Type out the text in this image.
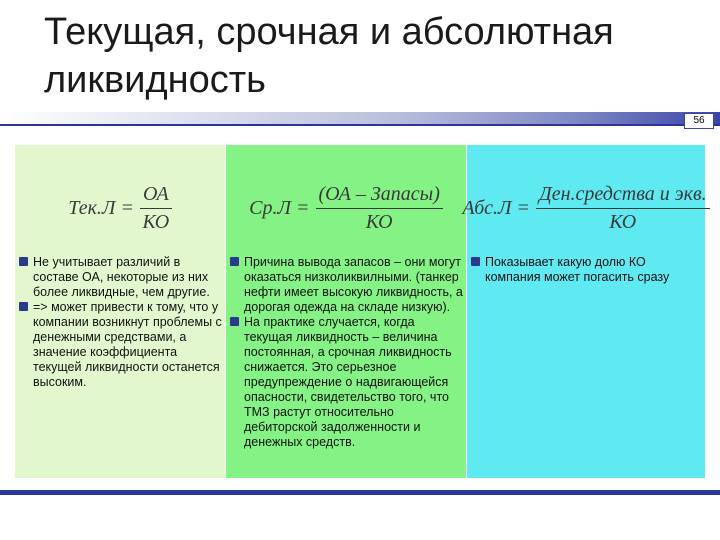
Текущая, срочная и абсолютная ликвидность
56
$Тек.Л = \frac{ОА}{КО}$
Не учитывает различий в составе ОА, некоторые из них более ликвидные, чем другие.
=> может привести к тому, что у компании возникнут проблемы с денежными средствами, а значение коэффициента текущей ликвидности останется высоким.
$Ср.Л = \frac{\text{(ОА – Запасы)}}{КО}$
Причина вывода запасов – они могут оказаться низколиквилными. (танкер нефти имеет высокую ликвидность, а дорогая одежда на складе низкую).
На практике случается, когда текущая ликвидность – величина постоянная, а срочная ликвидность снижается. Это серьезное предупреждение о надвигающейся опасности, свидетельство того, что ТМЗ растут относительно дебиторской задолженности и денежных средств.
$Абс.Л = \frac{\text{Ден.средства и экв.}}{КО}$
Показывает какую долю КО компания может погасить сразу
